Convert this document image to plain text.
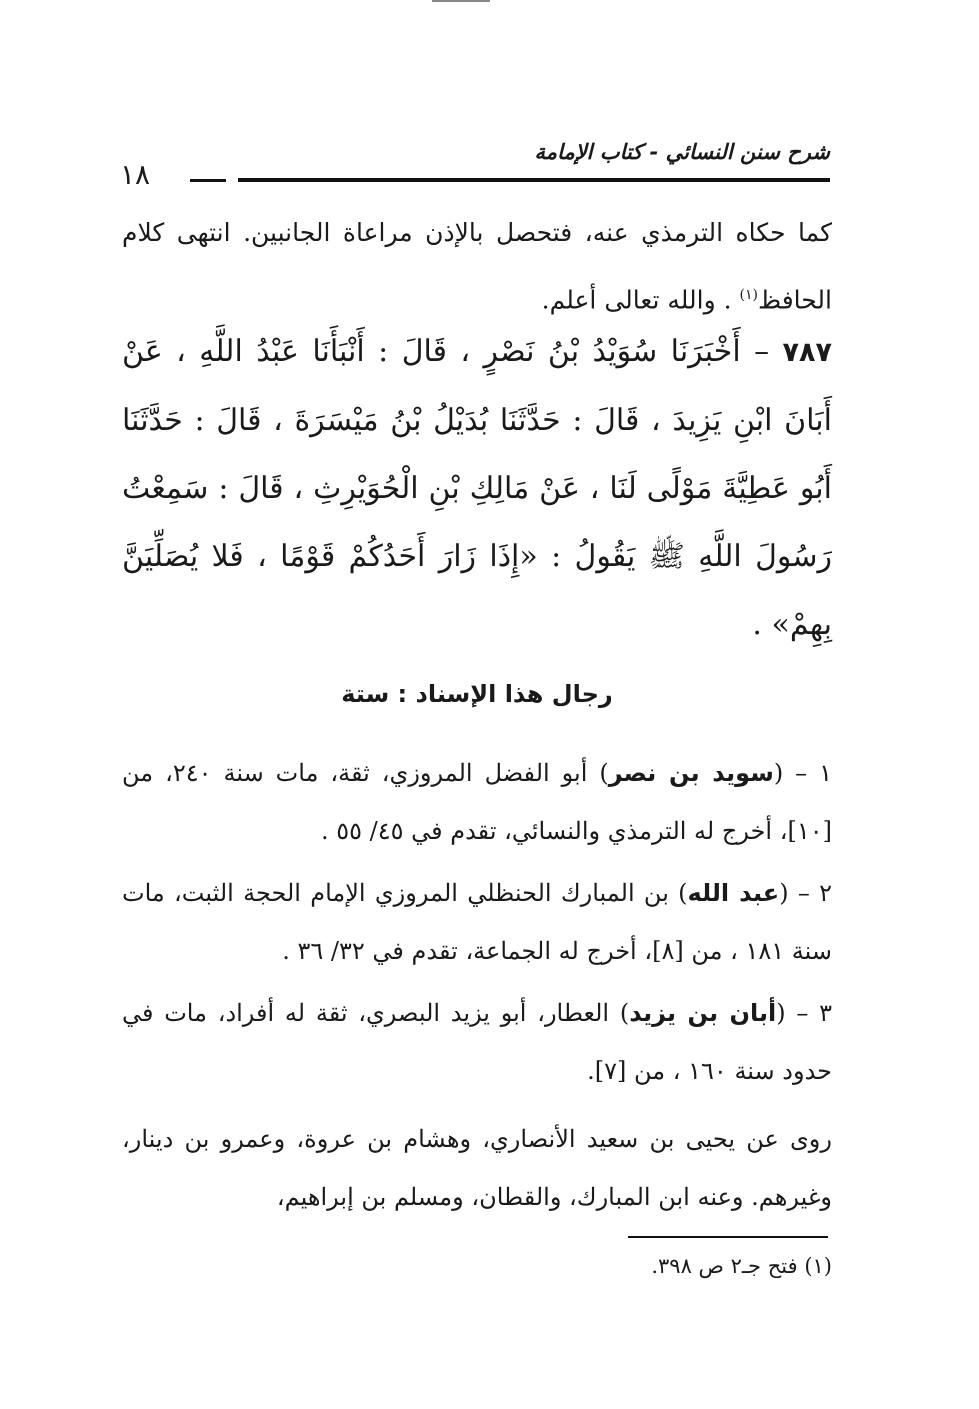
شرح سنن النسائي - كتاب الإمامة
١٨
كما حكاه الترمذي عنه، فتحصل بالإذن مراعاة الجانبين. انتهى كلام الحافظ$^{(١)}$ . والله تعالى أعلم.
٧٨٧ – أَخْبَرَنَا سُوَيْدُ بْنُ نَصْرٍ ، قَالَ : أَنْبَأَنَا عَبْدُ اللَّهِ ، عَنْ أَبَانَ ابْنِ يَزِيدَ ، قَالَ : حَدَّثَنَا بُدَيْلُ بْنُ مَيْسَرَةَ ، قَالَ : حَدَّثَنَا أَبُو عَطِيَّةَ مَوْلًى لَنَا ، عَنْ مَالِكِ بْنِ الْحُوَيْرِثِ ، قَالَ : سَمِعْتُ رَسُولَ اللَّهِ ﷺ يَقُولُ : «إِذَا زَارَ أَحَدُكُمْ قَوْمًا ، فَلا يُصَلِّيَنَّ بِهِمْ» .
رجال هذا الإسناد : ستة
١ – (سويد بن نصر) أبو الفضل المروزي، ثقة، مات سنة ٢٤٠، من [١٠]، أخرج له الترمذي والنسائي، تقدم في ٤٥/ ٥٥ .
٢ – (عبد الله) بن المبارك الحنظلي المروزي الإمام الحجة الثبت، مات سنة ١٨١ ، من [٨]، أخرج له الجماعة، تقدم في ٣٢/ ٣٦ .
٣ – (أبان بن يزيد) العطار، أبو يزيد البصري، ثقة له أفراد، مات في حدود سنة ١٦٠ ، من [٧].
روى عن يحيى بن سعيد الأنصاري، وهشام بن عروة، وعمرو بن دينار، وغيرهم. وعنه ابن المبارك، والقطان، ومسلم بن إبراهيم،
(١) فتح جـ٢ ص ٣٩٨.
